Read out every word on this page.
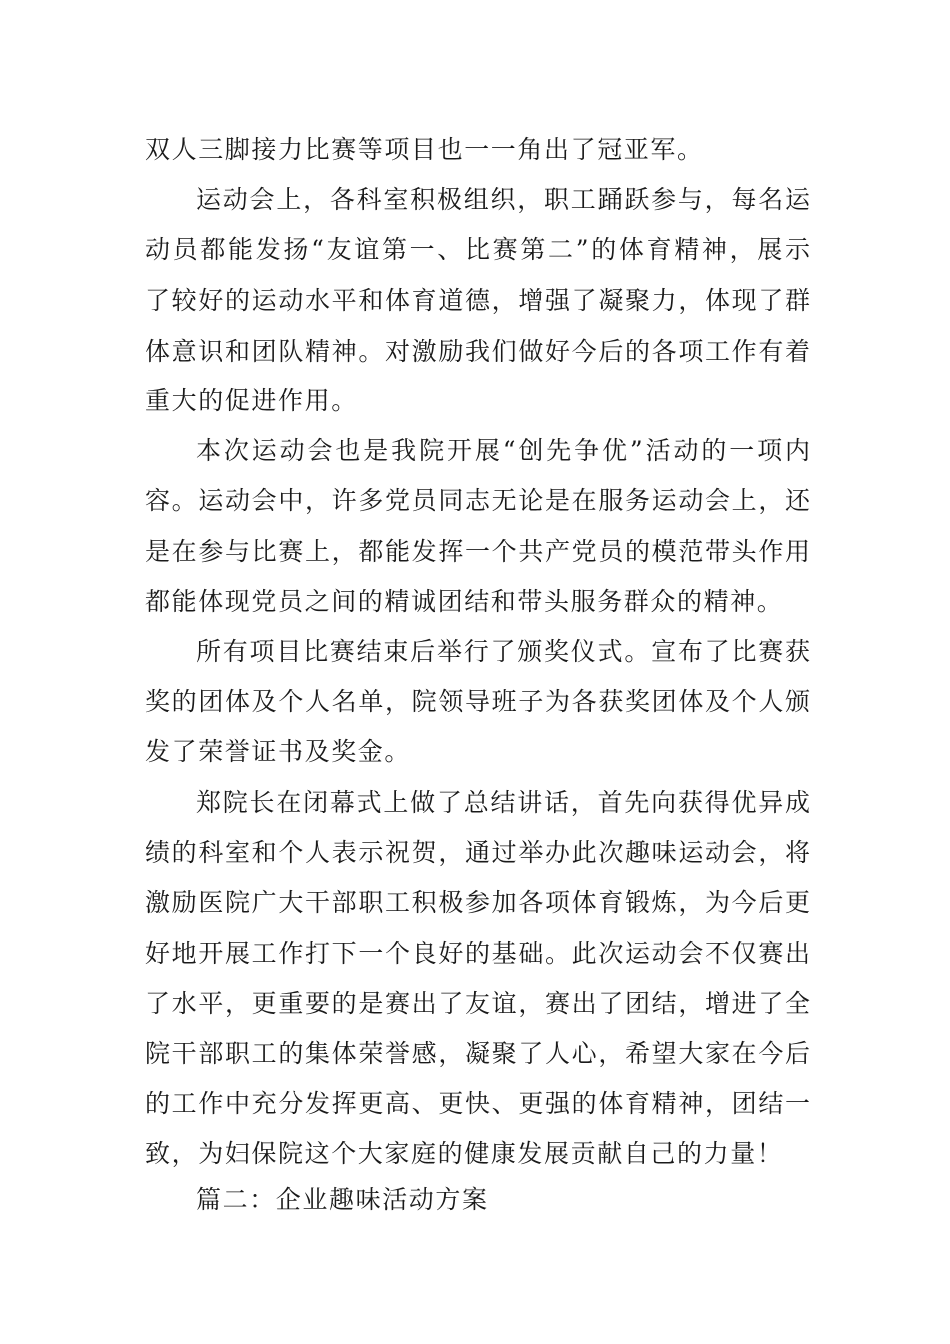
双人三脚接力比赛等项目也一一角出了冠亚军。
运动会上，各科室积极组织，职工踊跃参与，每名运
动员都能发扬“友谊第一、比赛第二”的体育精神，展示
了较好的运动水平和体育道德，增强了凝聚力，体现了群
体意识和团队精神。对激励我们做好今后的各项工作有着
重大的促进作用。
本次运动会也是我院开展“创先争优”活动的一项内
容。运动会中，许多党员同志无论是在服务运动会上，还
是在参与比赛上，都能发挥一个共产党员的模范带头作用
都能体现党员之间的精诚团结和带头服务群众的精神。
所有项目比赛结束后举行了颁奖仪式。宣布了比赛获
奖的团体及个人名单，院领导班子为各获奖团体及个人颁
发了荣誉证书及奖金。
郑院长在闭幕式上做了总结讲话，首先向获得优异成
绩的科室和个人表示祝贺，通过举办此次趣味运动会，将
激励医院广大干部职工积极参加各项体育锻炼，为今后更
好地开展工作打下一个良好的基础。此次运动会不仅赛出
了水平，更重要的是赛出了友谊，赛出了团结，增进了全
院干部职工的集体荣誉感，凝聚了人心，希望大家在今后
的工作中充分发挥更高、更快、更强的体育精神，团结一
致，为妇保院这个大家庭的健康发展贡献自己的力量！
篇二：企业趣味活动方案
